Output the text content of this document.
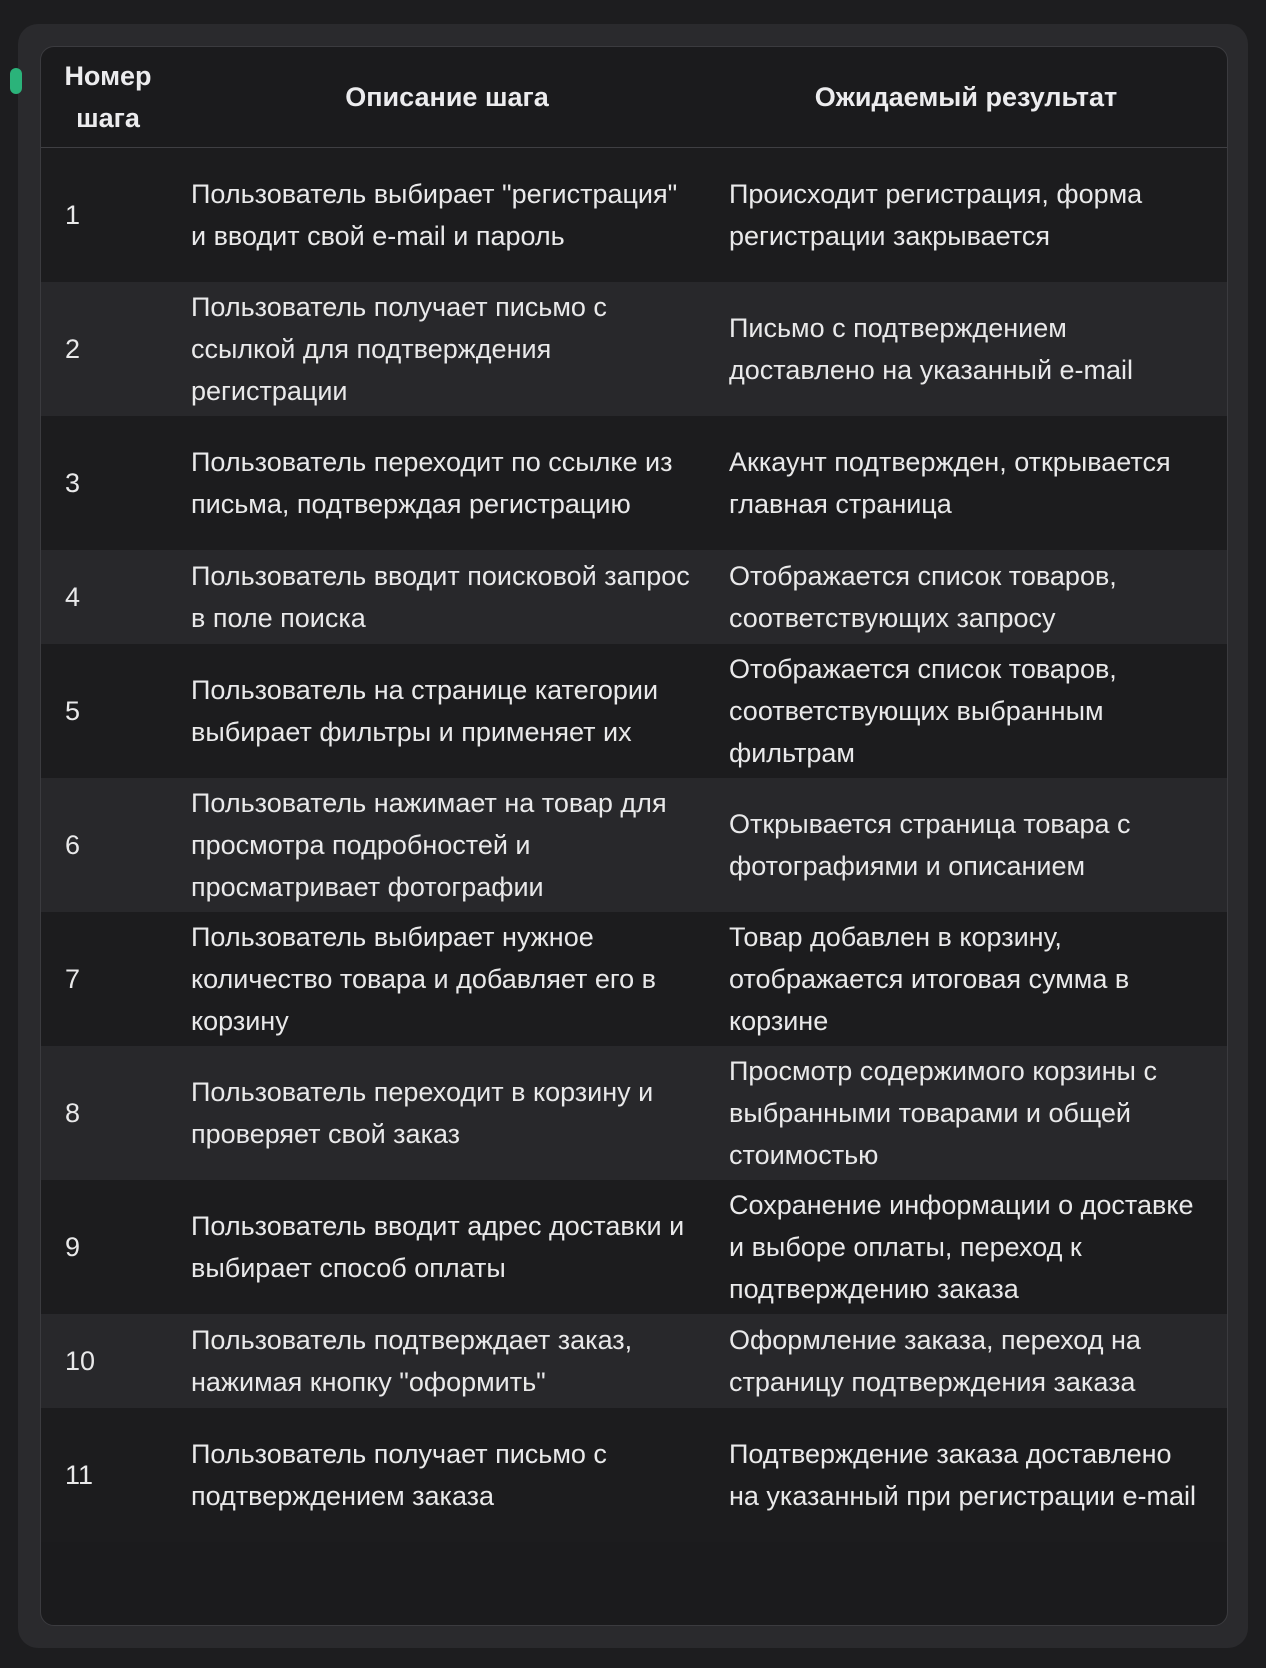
Номер шага	Описание шага	Ожидаемый результат
1	Пользователь выбирает "регистрация" и вводит свой e-mail и пароль	Происходит регистрация, форма регистрации закрывается
2	Пользователь получает письмо с ссылкой для подтверждения регистрации	Письмо с подтверждением доставлено на указанный e-mail
3	Пользователь переходит по ссылке из письма, подтверждая регистрацию	Аккаунт подтвержден, открывается главная страница
4	Пользователь вводит поисковой запрос в поле поиска	Отображается список товаров, соответствующих запросу
5	Пользователь на странице категории выбирает фильтры и применяет их	Отображается список товаров, соответствующих выбранным фильтрам
6	Пользователь нажимает на товар для просмотра подробностей и просматривает фотографии	Открывается страница товара с фотографиями и описанием
7	Пользователь выбирает нужное количество товара и добавляет его в корзину	Товар добавлен в корзину, отображается итоговая сумма в корзине
8	Пользователь переходит в корзину и проверяет свой заказ	Просмотр содержимого корзины с выбранными товарами и общей стоимостью
9	Пользователь вводит адрес доставки и выбирает способ оплаты	Сохранение информации о доставке и выборе оплаты, переход к подтверждению заказа
10	Пользователь подтверждает заказ, нажимая кнопку "оформить"	Оформление заказа, переход на страницу подтверждения заказа
11	Пользователь получает письмо с подтверждением заказа	Подтверждение заказа доставлено на указанный при регистрации e-mail
